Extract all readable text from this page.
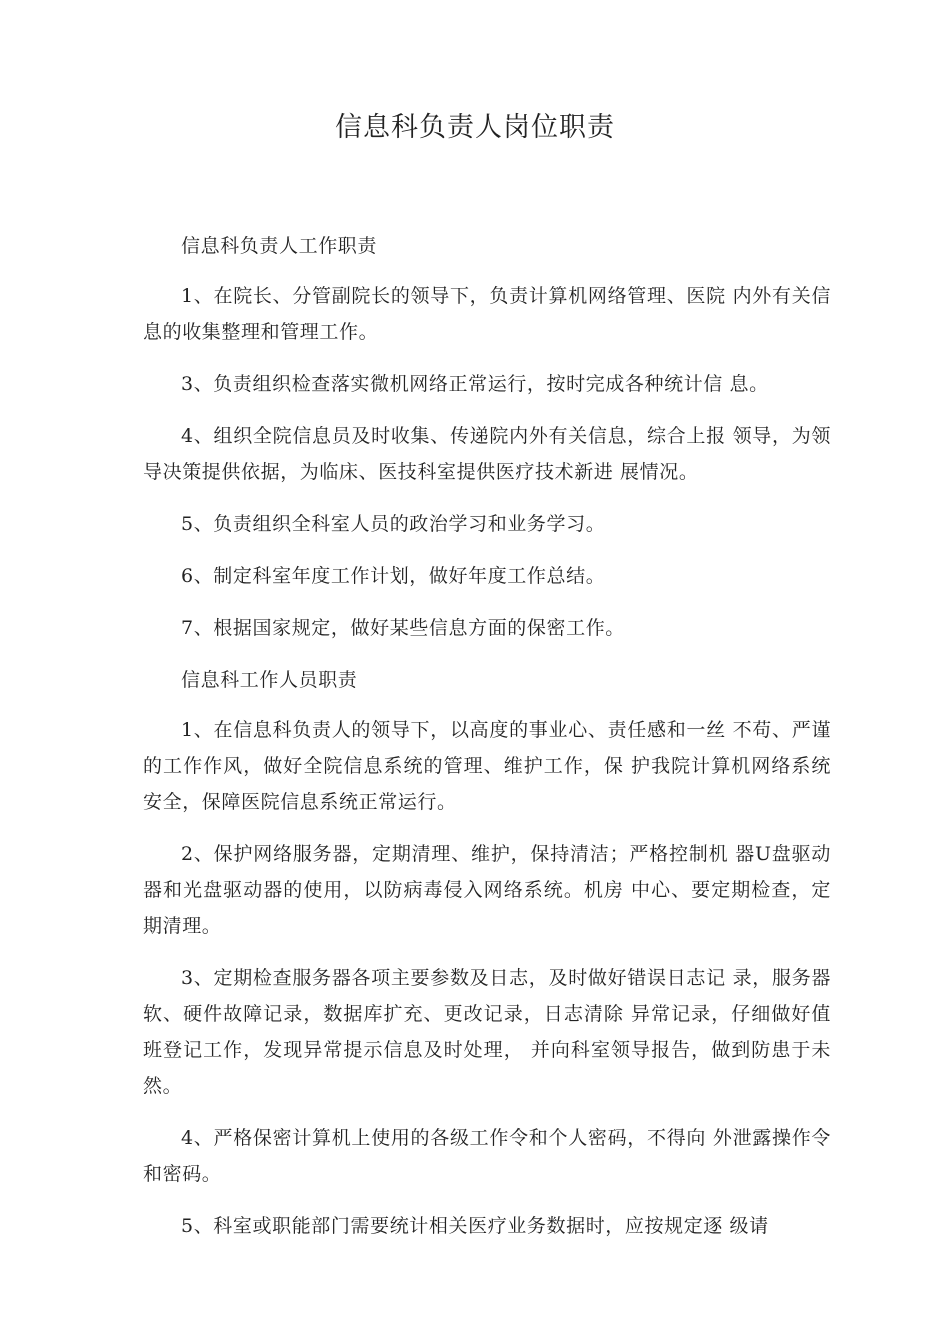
信息科负责人岗位职责

信息科负责人工作职责

1、在院长、分管副院长的领导下，负责计算机网络管理、医院 内外有关信息的收集整理和管理工作。

3、负责组织检查落实微机网络正常运行，按时完成各种统计信 息。

4、组织全院信息员及时收集、传递院内外有关信息，综合上报 领导，为领导决策提供依据，为临床、医技科室提供医疗技术新进 展情况。

5、负责组织全科室人员的政治学习和业务学习。

6、制定科室年度工作计划，做好年度工作总结。

7、根据国家规定，做好某些信息方面的保密工作。

信息科工作人员职责

1、在信息科负责人的领导下，以高度的事业心、责任感和一丝 不苟、严谨的工作作风，做好全院信息系统的管理、维护工作，保 护我院计算机网络系统安全，保障医院信息系统正常运行。

2、保护网络服务器，定期清理、维护，保持清洁；严格控制机 器U盘驱动器和光盘驱动器的使用，以防病毒侵入网络系统。机房 中心、要定期检查，定期清理。

3、定期检查服务器各项主要参数及日志，及时做好错误日志记 录，服务器软、硬件故障记录，数据库扩充、更改记录，日志清除 异常记录，仔细做好值班登记工作，发现异常提示信息及时处理， 并向科室领导报告，做到防患于未然。

4、严格保密计算机上使用的各级工作令和个人密码，不得向 外泄露操作令和密码。

5、科室或职能部门需要统计相关医疗业务数据时，应按规定逐 级请
